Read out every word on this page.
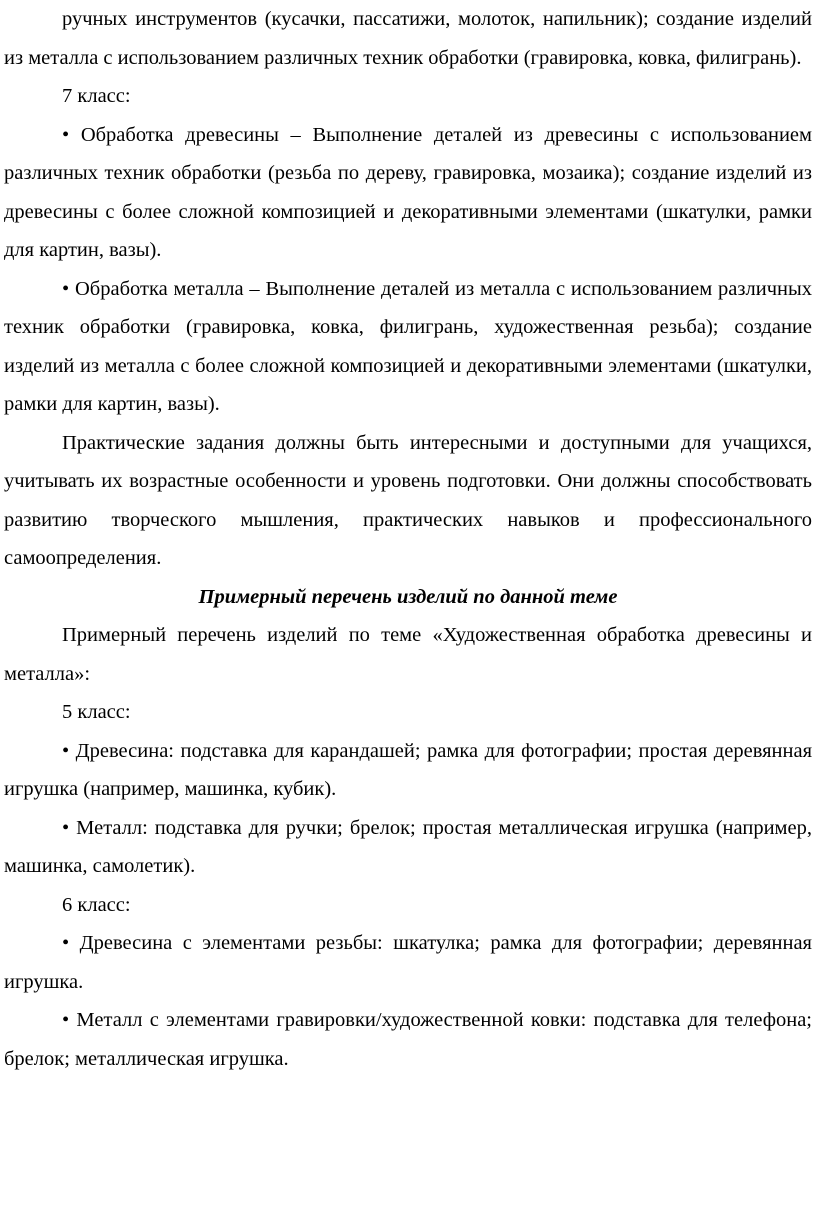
ручных инструментов (кусачки, пассатижи, молоток, напильник); создание изделий из металла с использованием различных техник обработки (гравировка, ковка, филигрань).

7 класс:

• Обработка древесины – Выполнение деталей из древесины с использованием различных техник обработки (резьба по дереву, гравировка, мозаика); создание изделий из древесины с более сложной композицией и декоративными элементами (шкатулки, рамки для картин, вазы).

• Обработка металла – Выполнение деталей из металла с использованием различных техник обработки (гравировка, ковка, филигрань, художественная резьба); создание изделий из металла с более сложной композицией и декоративными элементами (шкатулки, рамки для картин, вазы).

Практические задания должны быть интересными и доступными для учащихся, учитывать их возрастные особенности и уровень подготовки. Они должны способствовать развитию творческого мышления, практических навыков и профессионального самоопределения.

Примерный перечень изделий по данной теме

Примерный перечень изделий по теме «Художественная обработка древесины и металла»:

5 класс:

• Древесина: подставка для карандашей; рамка для фотографии; простая деревянная игрушка (например, машинка, кубик).

• Металл: подставка для ручки; брелок; простая металлическая игрушка (например, машинка, самолетик).

6 класс:

• Древесина с элементами резьбы: шкатулка; рамка для фотографии; деревянная игрушка.

• Металл с элементами гравировки/художественной ковки: подставка для телефона; брелок; металлическая игрушка.
